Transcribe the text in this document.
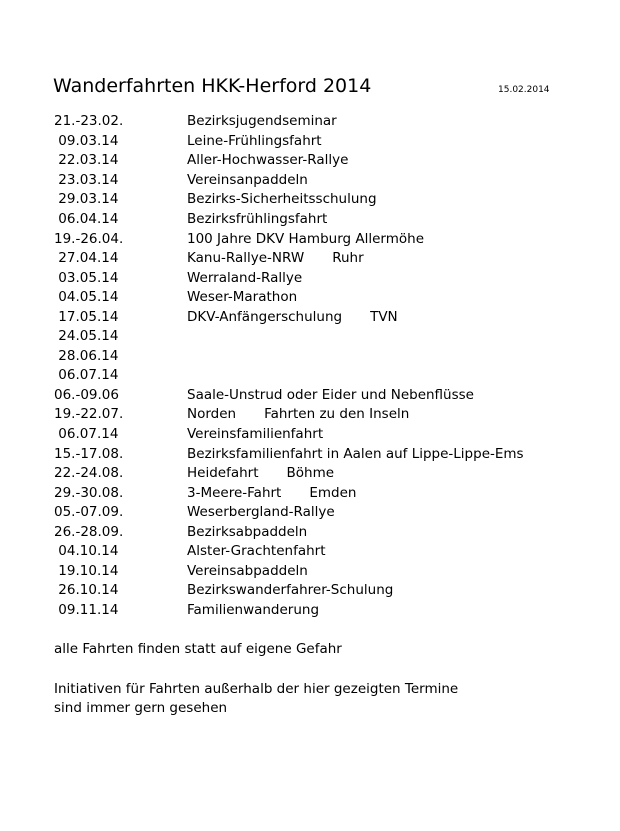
Wanderfahrten HKK-Herford 2014	15.02.2014
21.-23.02.	Bezirksjugendseminar
09.03.14	Leine-Frühlingsfahrt
22.03.14	Aller-Hochwasser-Rallye
23.03.14	Vereinsanpaddeln
29.03.14	Bezirks-Sicherheitsschulung
06.04.14	Bezirksfrühlingsfahrt
19.-26.04.	100 Jahre DKV Hamburg Allermöhe
27.04.14	Kanu-Rallye-NRW Ruhr
03.05.14	Werraland-Rallye
04.05.14	Weser-Marathon
17.05.14	DKV-Anfängerschulung TVN
24.05.14
28.06.14
06.07.14
06.-09.06	Saale-Unstrud oder Eider und Nebenflüsse
19.-22.07.	Norden Fahrten zu den Inseln
06.07.14	Vereinsfamilienfahrt
15.-17.08.	Bezirksfamilienfahrt in Aalen auf Lippe-Lippe-Ems
22.-24.08.	Heidefahrt Böhme
29.-30.08.	3-Meere-Fahrt Emden
05.-07.09.	Weserbergland-Rallye
26.-28.09.	Bezirksabpaddeln
04.10.14	Alster-Grachtenfahrt
19.10.14	Vereinsabpaddeln
26.10.14	Bezirkswanderfahrer-Schulung
09.11.14	Familienwanderung
alle Fahrten finden statt auf eigene Gefahr
Initiativen für Fahrten außerhalb der hier gezeigten Termine
sind immer gern gesehen
